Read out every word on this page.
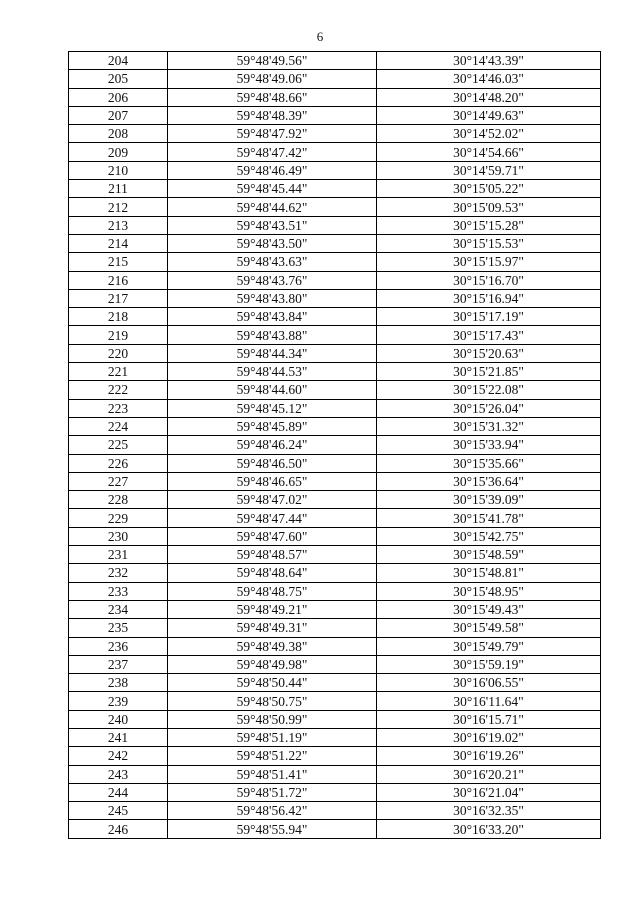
6
204	59°48'49.56"	30°14'43.39"
205	59°48'49.06"	30°14'46.03"
206	59°48'48.66"	30°14'48.20"
207	59°48'48.39"	30°14'49.63"
208	59°48'47.92"	30°14'52.02"
209	59°48'47.42"	30°14'54.66"
210	59°48'46.49"	30°14'59.71"
211	59°48'45.44"	30°15'05.22"
212	59°48'44.62"	30°15'09.53"
213	59°48'43.51"	30°15'15.28"
214	59°48'43.50"	30°15'15.53"
215	59°48'43.63"	30°15'15.97"
216	59°48'43.76"	30°15'16.70"
217	59°48'43.80"	30°15'16.94"
218	59°48'43.84"	30°15'17.19"
219	59°48'43.88"	30°15'17.43"
220	59°48'44.34"	30°15'20.63"
221	59°48'44.53"	30°15'21.85"
222	59°48'44.60"	30°15'22.08"
223	59°48'45.12"	30°15'26.04"
224	59°48'45.89"	30°15'31.32"
225	59°48'46.24"	30°15'33.94"
226	59°48'46.50"	30°15'35.66"
227	59°48'46.65"	30°15'36.64"
228	59°48'47.02"	30°15'39.09"
229	59°48'47.44"	30°15'41.78"
230	59°48'47.60"	30°15'42.75"
231	59°48'48.57"	30°15'48.59"
232	59°48'48.64"	30°15'48.81"
233	59°48'48.75"	30°15'48.95"
234	59°48'49.21"	30°15'49.43"
235	59°48'49.31"	30°15'49.58"
236	59°48'49.38"	30°15'49.79"
237	59°48'49.98"	30°15'59.19"
238	59°48'50.44"	30°16'06.55"
239	59°48'50.75"	30°16'11.64"
240	59°48'50.99"	30°16'15.71"
241	59°48'51.19"	30°16'19.02"
242	59°48'51.22"	30°16'19.26"
243	59°48'51.41"	30°16'20.21"
244	59°48'51.72"	30°16'21.04"
245	59°48'56.42"	30°16'32.35"
246	59°48'55.94"	30°16'33.20"
